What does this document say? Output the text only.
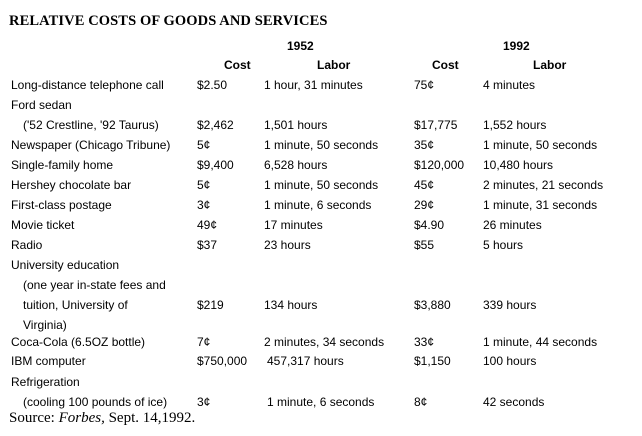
RELATIVE COSTS OF GOODS AND SERVICES
1952	1992
Cost	Labor	Cost	Labor
Long-distance telephone call	$2.50	1 hour, 31 minutes	75¢	4 minutes
Ford sedan
('52 Crestline, '92 Taurus)	$2,462	1,501 hours	$17,775 1,552 hours
Newspaper (Chicago Tribune) 5¢	1 minute, 50 seconds	35¢	1 minute, 50 seconds
Single-family home	$9,400	6,528 hours	$120,000 10,480 hours
Hershey chocolate bar	5¢	1 minute, 50 seconds	45¢	2 minutes, 21 seconds
First-class postage	3¢	1 minute, 6 seconds	29¢	1 minute, 31 seconds
Movie ticket	49¢	17 minutes	$4.90	26 minutes
Radio	$37	23 hours	$55	5 hours
University education
(one year in-state fees and
tuition, University of	$219	134 hours	$3,880	339 hours
Virginia)
Coca-Cola (6.5OZ bottle)	7¢	2 minutes, 34 seconds 33¢	1 minute, 44 seconds
IBM computer	$750,000 457,317 hours	$1,150	100 hours
Refrigeration
(cooling 100 pounds of ice) 3¢	1 minute, 6 seconds	8¢	42 seconds
Source: Forbes, Sept. 14,1992.
